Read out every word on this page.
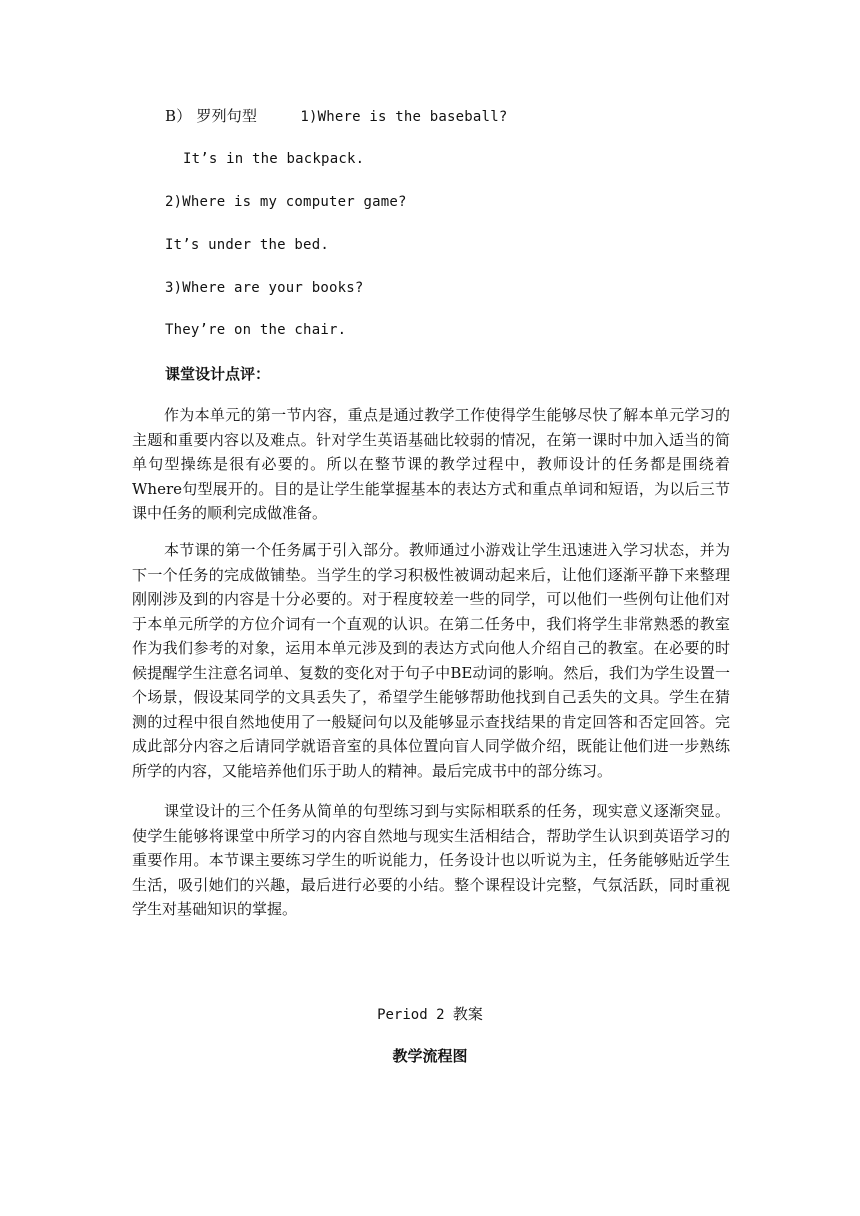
B） 罗列句型	1)Where is the baseball?
It’s in the backpack.
2)Where is my computer game?
It’s under the bed.
3)Where are your books?
They’re on the chair.
课堂设计点评：
作为本单元的第一节内容，重点是通过教学工作使得学生能够尽快了解本单元学习的主题和重要内容以及难点。针对学生英语基础比较弱的情况，在第一课时中加入适当的简单句型操练是很有必要的。所以在整节课的教学过程中，教师设计的任务都是围绕着Where句型展开的。目的是让学生能掌握基本的表达方式和重点单词和短语，为以后三节课中任务的顺利完成做准备。
本节课的第一个任务属于引入部分。教师通过小游戏让学生迅速进入学习状态，并为下一个任务的完成做铺垫。当学生的学习积极性被调动起来后，让他们逐渐平静下来整理刚刚涉及到的内容是十分必要的。对于程度较差一些的同学，可以他们一些例句让他们对于本单元所学的方位介词有一个直观的认识。在第二任务中，我们将学生非常熟悉的教室作为我们参考的对象，运用本单元涉及到的表达方式向他人介绍自己的教室。在必要的时候提醒学生注意名词单、复数的变化对于句子中BE动词的影响。然后，我们为学生设置一个场景，假设某同学的文具丢失了，希望学生能够帮助他找到自己丢失的文具。学生在猜测的过程中很自然地使用了一般疑问句以及能够显示查找结果的肯定回答和否定回答。完成此部分内容之后请同学就语音室的具体位置向盲人同学做介绍，既能让他们进一步熟练所学的内容，又能培养他们乐于助人的精神。最后完成书中的部分练习。
课堂设计的三个任务从简单的句型练习到与实际相联系的任务，现实意义逐渐突显。使学生能够将课堂中所学习的内容自然地与现实生活相结合，帮助学生认识到英语学习的重要作用。本节课主要练习学生的听说能力，任务设计也以听说为主，任务能够贴近学生生活，吸引她们的兴趣，最后进行必要的小结。整个课程设计完整，气氛活跃，同时重视学生对基础知识的掌握。
Period 2 教案
教学流程图
